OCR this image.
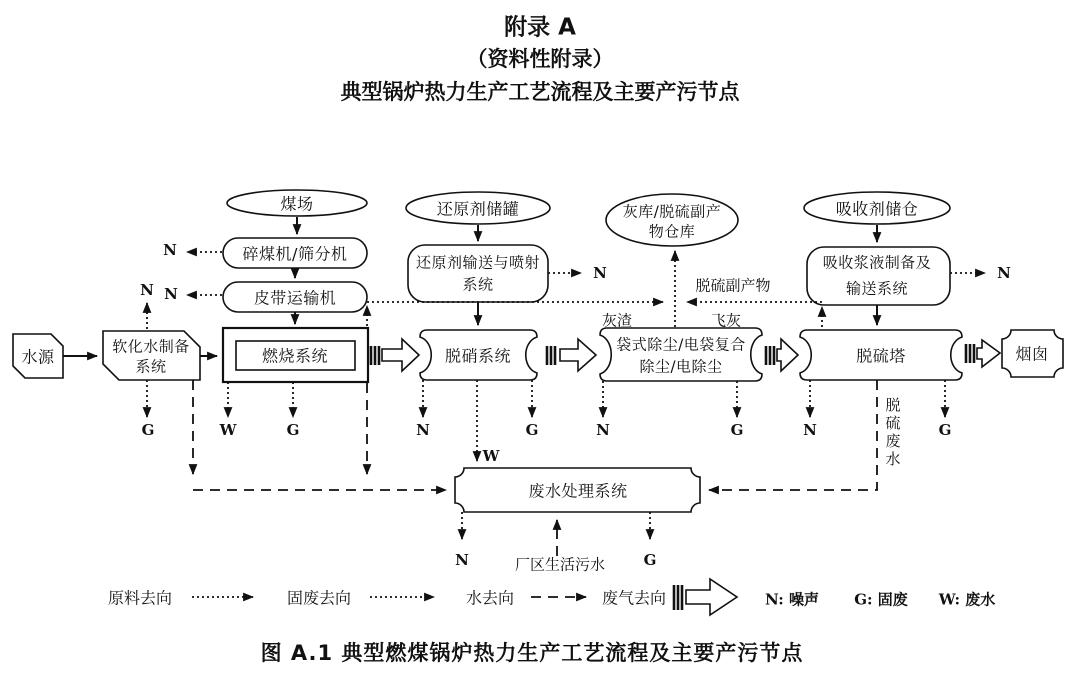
附录 A
（资料性附录）
典型锅炉热力生产工艺流程及主要产污节点
煤场
碎煤机/筛分机
皮带运输机
水源
软化水制备
系统
燃烧系统
还原剂储罐
还原剂输送与喷射
系统
脱硝系统
灰库/脱硫副产
物仓库
袋式除尘/电袋复合
除尘/电除尘
吸收剂储仓
吸收浆液制备及
输送系统
脱硫塔	烟囱
废水处理系统
灰渣	飞灰
脱硫副产物
脱硫废水
厂区生活污水
N
N N
G	W	G
N	N
N	G
W
N	G	N	G
N	G
原料去向	固废去向	水去向	废气去向	N: 噪声 G: 固废 W: 废水
图 A.1 典型燃煤锅炉热力生产工艺流程及主要产污节点
